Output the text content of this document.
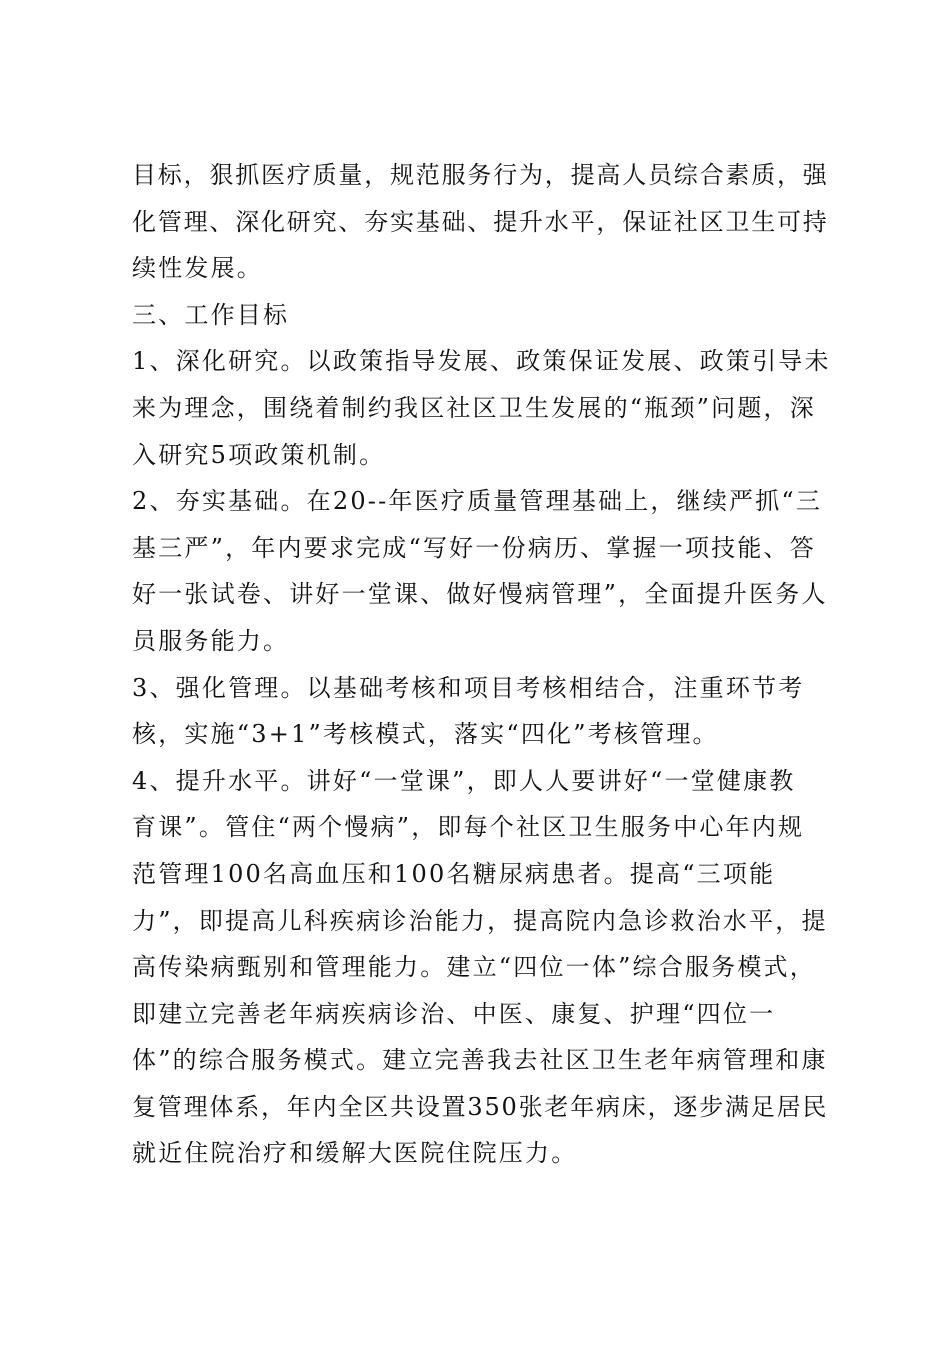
目标，狠抓医疗质量，规范服务行为，提高人员综合素质，强
化管理、深化研究、夯实基础、提升水平，保证社区卫生可持
续性发展。
三、工作目标
1、深化研究。以政策指导发展、政策保证发展、政策引导未
来为理念，围绕着制约我区社区卫生发展的“瓶颈”问题，深
入研究5项政策机制。
2、夯实基础。在20--年医疗质量管理基础上，继续严抓“三
基三严”，年内要求完成“写好一份病历、掌握一项技能、答
好一张试卷、讲好一堂课、做好慢病管理”，全面提升医务人
员服务能力。
3、强化管理。以基础考核和项目考核相结合，注重环节考
核，实施“3+1”考核模式，落实“四化”考核管理。
4、提升水平。讲好“一堂课”，即人人要讲好“一堂健康教
育课”。管住“两个慢病”，即每个社区卫生服务中心年内规
范管理100名高血压和100名糖尿病患者。提高“三项能
力”，即提高儿科疾病诊治能力，提高院内急诊救治水平，提
高传染病甄别和管理能力。建立“四位一体”综合服务模式，
即建立完善老年病疾病诊治、中医、康复、护理“四位一
体”的综合服务模式。建立完善我去社区卫生老年病管理和康
复管理体系，年内全区共设置350张老年病床，逐步满足居民
就近住院治疗和缓解大医院住院压力。
